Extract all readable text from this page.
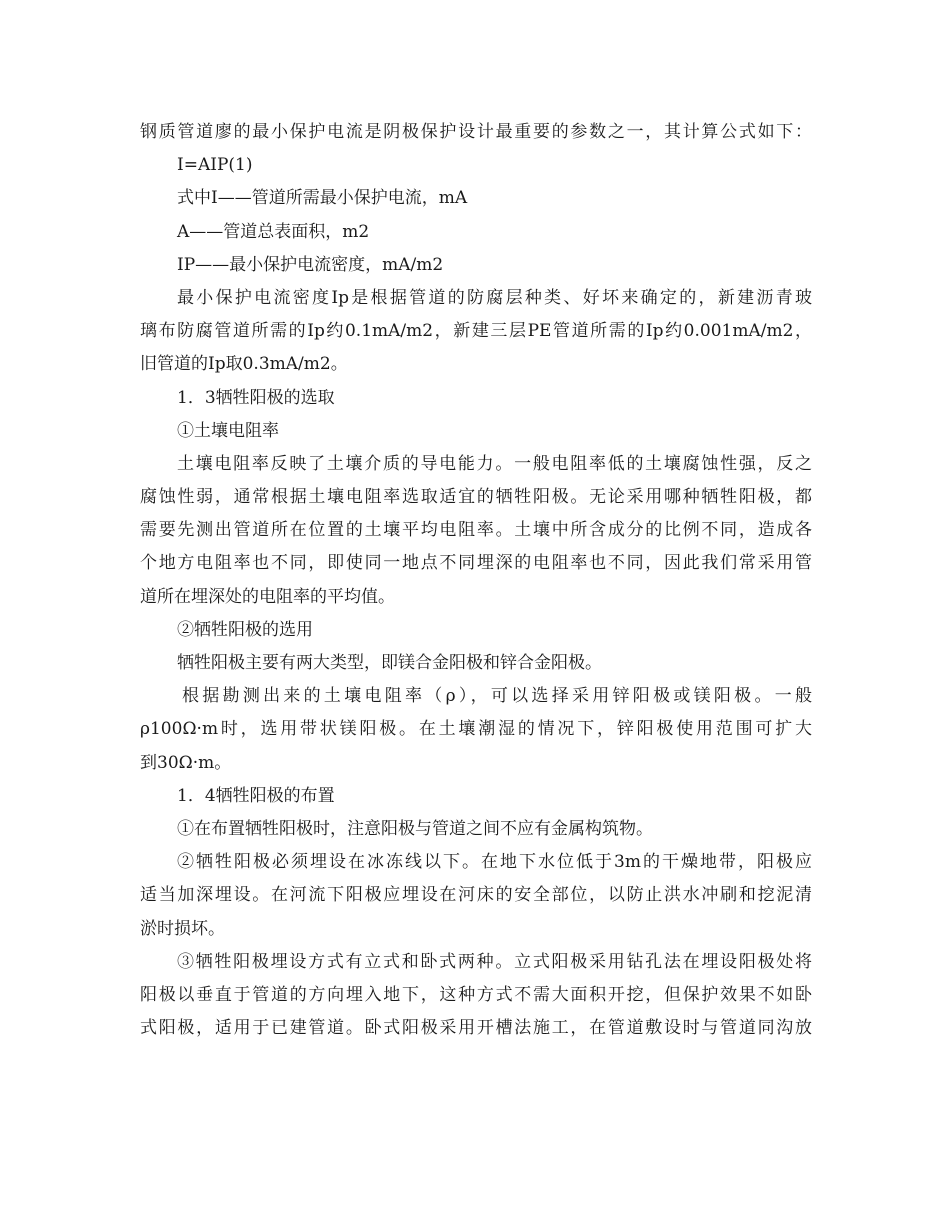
钢质管道廖的最小保护电流是阴极保护设计最重要的参数之一，其计算公式如下：
I=AIP(1)
式中I——管道所需最小保护电流，mA
A——管道总表面积，m2
IP——最小保护电流密度，mA/m2
最小保护电流密度Ip是根据管道的防腐层种类、好坏来确定的，新建沥青玻
璃布防腐管道所需的Ip约0.1mA/m2，新建三层PE管道所需的Ip约0.001mA/m2，
旧管道的Ip取0.3mA/m2。
1．3牺牲阳极的选取
①土壤电阻率
土壤电阻率反映了土壤介质的导电能力。一般电阻率低的土壤腐蚀性强，反之
腐蚀性弱，通常根据土壤电阻率选取适宜的牺牲阳极。无论采用哪种牺牲阳极，都
需要先测出管道所在位置的土壤平均电阻率。土壤中所含成分的比例不同，造成各
个地方电阻率也不同，即使同一地点不同埋深的电阻率也不同，因此我们常采用管
道所在埋深处的电阻率的平均值。
②牺牲阳极的选用
牺牲阳极主要有两大类型，即镁合金阳极和锌合金阳极。
根据勘测出来的土壤电阻率（ρ），可以选择采用锌阳极或镁阳极。一般
ρ100Ω·m时，选用带状镁阳极。在土壤潮湿的情况下，锌阳极使用范围可扩大
到30Ω·m。
1．4牺牲阳极的布置
①在布置牺牲阳极时，注意阳极与管道之间不应有金属构筑物。
②牺牲阳极必须埋设在冰冻线以下。在地下水位低于3m的干燥地带，阳极应
适当加深埋设。在河流下阳极应埋设在河床的安全部位，以防止洪水冲刷和挖泥清
淤时损坏。
③牺牲阳极埋设方式有立式和卧式两种。立式阳极采用钻孔法在埋设阳极处将
阳极以垂直于管道的方向埋入地下，这种方式不需大面积开挖，但保护效果不如卧
式阳极，适用于已建管道。卧式阳极采用开槽法施工，在管道敷设时与管道同沟放
